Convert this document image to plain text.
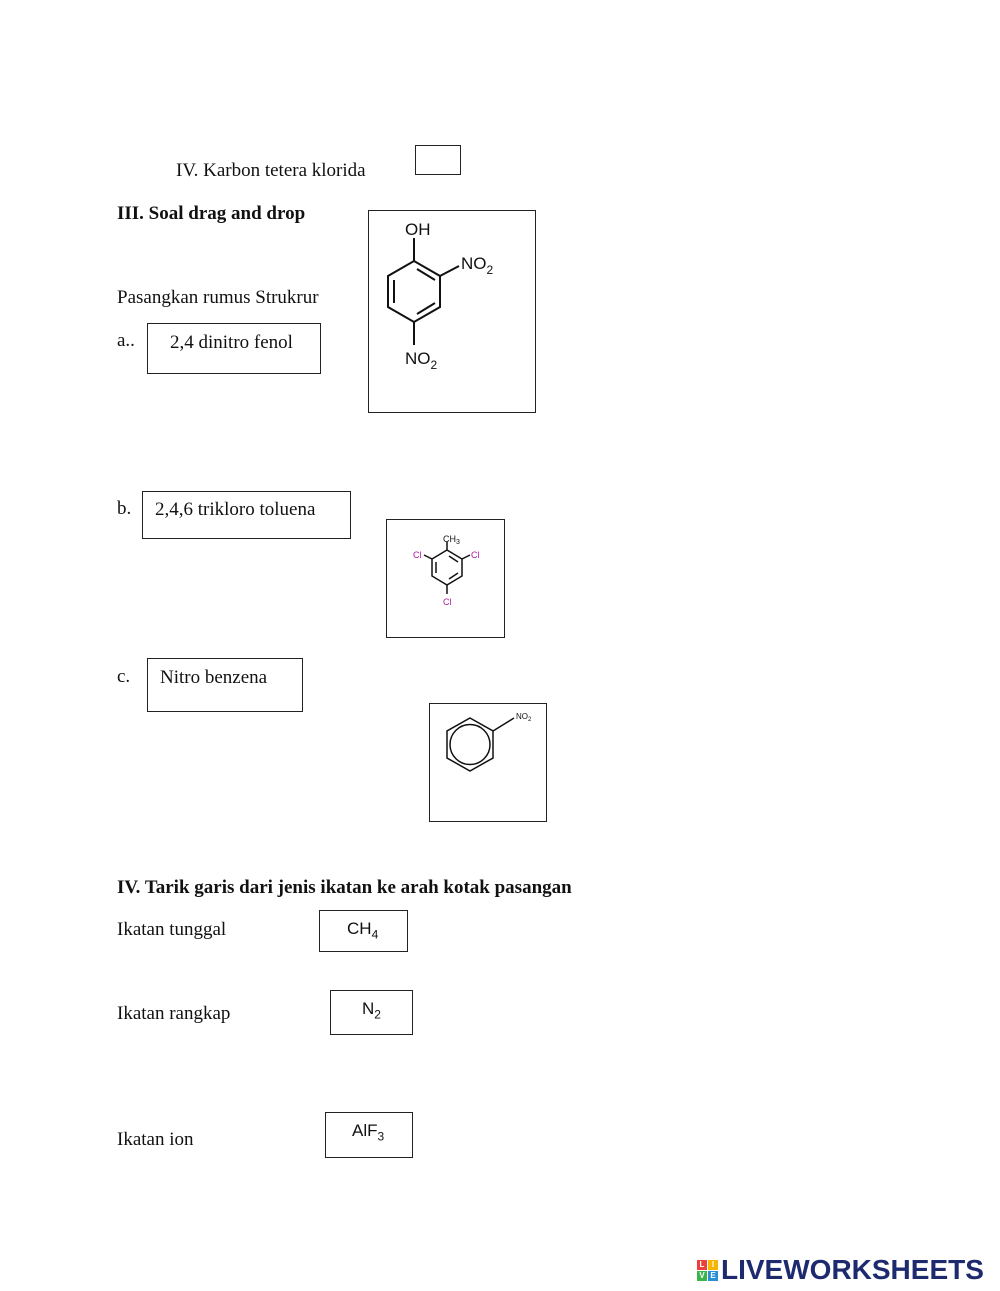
IV. Karbon tetera klorida
III. Soal drag and drop
Pasangkan rumus Strukrur
a.. 2,4 dinitro fenol
b. 2,4,6 trikloro toluena
c. Nitro benzena
OH
$NO_2$
$NO_2$
$CH_3$
Cl	Cl
Cl
$NO_2$
IV. Tarik garis dari jenis ikatan ke arah kotak pasangan
Ikatan tunggal	$CH_4$
Ikatan rangkap	$N_2$
Ikatan ion	AlF$_3$
L I
V E LIVEWORKSHEETS
